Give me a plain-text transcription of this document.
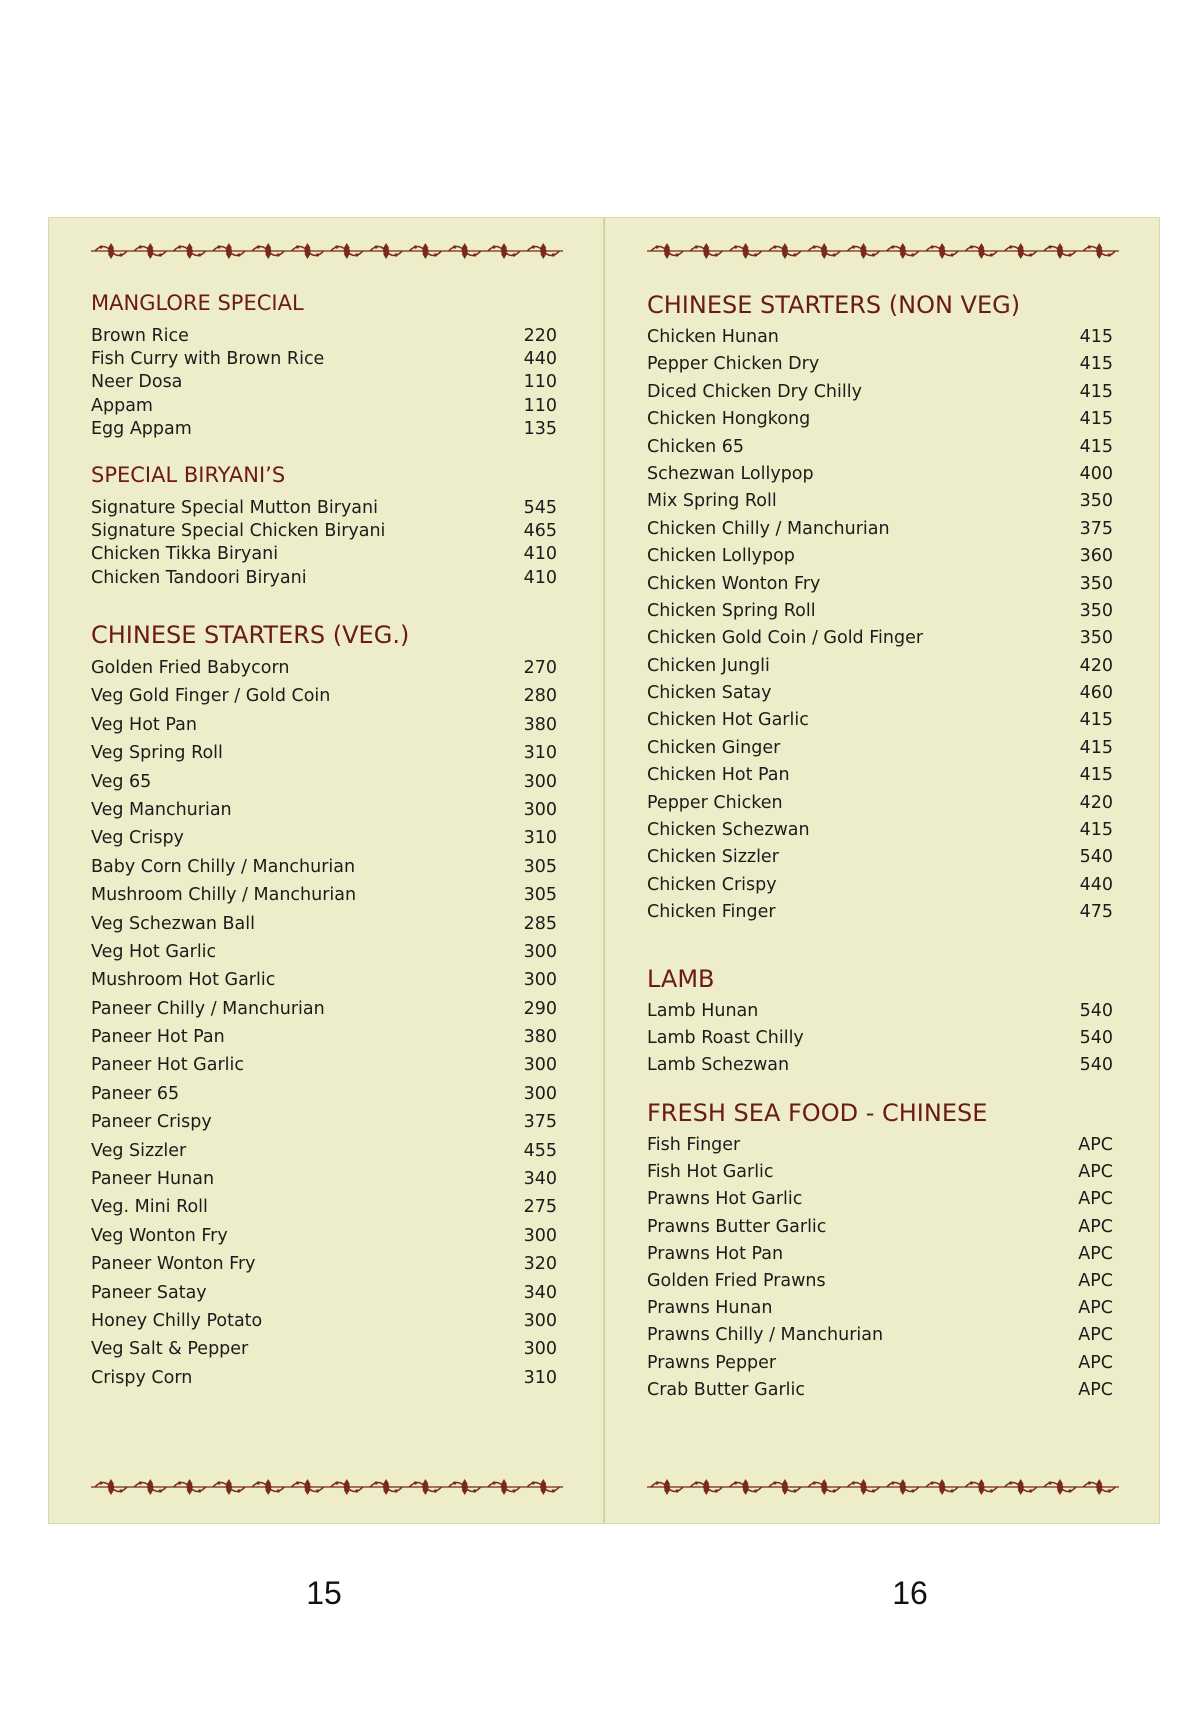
MANGLORE SPECIAL
Brown Rice	220
Fish Curry with Brown Rice	440
Neer Dosa	110
Appam	110
Egg Appam	135
SPECIAL BIRYANI’S
Signature Special Mutton Biryani	545
Signature Special Chicken Biryani	465
Chicken Tikka Biryani	410
Chicken Tandoori Biryani	410
CHINESE STARTERS (VEG.)
Golden Fried Babycorn	270
Veg Gold Finger / Gold Coin	280
Veg Hot Pan	380
Veg Spring Roll	310
Veg 65	300
Veg Manchurian	300
Veg Crispy	310
Baby Corn Chilly / Manchurian	305
Mushroom Chilly / Manchurian	305
Veg Schezwan Ball	285
Veg Hot Garlic	300
Mushroom Hot Garlic	300
Paneer Chilly / Manchurian	290
Paneer Hot Pan	380
Paneer Hot Garlic	300
Paneer 65	300
Paneer Crispy	375
Veg Sizzler	455
Paneer Hunan	340
Veg. Mini Roll	275
Veg Wonton Fry	300
Paneer Wonton Fry	320
Paneer Satay	340
Honey Chilly Potato	300
Veg Salt & Pepper	300
Crispy Corn	310
CHINESE STARTERS (NON VEG)
Chicken Hunan	415
Pepper Chicken Dry	415
Diced Chicken Dry Chilly	415
Chicken Hongkong	415
Chicken 65	415
Schezwan Lollypop	400
Mix Spring Roll	350
Chicken Chilly / Manchurian	375
Chicken Lollypop	360
Chicken Wonton Fry	350
Chicken Spring Roll	350
Chicken Gold Coin / Gold Finger	350
Chicken Jungli	420
Chicken Satay	460
Chicken Hot Garlic	415
Chicken Ginger	415
Chicken Hot Pan	415
Pepper Chicken	420
Chicken Schezwan	415
Chicken Sizzler	540
Chicken Crispy	440
Chicken Finger	475
LAMB
Lamb Hunan	540
Lamb Roast Chilly	540
Lamb Schezwan	540
FRESH SEA FOOD - CHINESE
Fish Finger	APC
Fish Hot Garlic	APC
Prawns Hot Garlic	APC
Prawns Butter Garlic	APC
Prawns Hot Pan	APC
Golden Fried Prawns	APC
Prawns Hunan	APC
Prawns Chilly / Manchurian	APC
Prawns Pepper	APC
Crab Butter Garlic	APC
15	16
